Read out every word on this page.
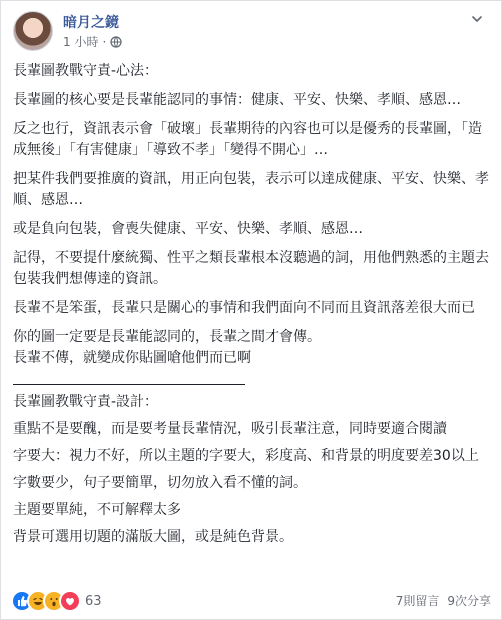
暗月之鏡
1 小時 ·

長輩圖教戰守責-心法：

長輩圖的核心要是長輩能認同的事情：健康、平安、快樂、孝順、感恩…

反之也行，資訊表示會「破壞」長輩期待的內容也可以是優秀的長輩圖，「造成無後」「有害健康」「導致不孝」「變得不開心」…

把某件我們要推廣的資訊，用正向包裝，表示可以達成健康、平安、快樂、孝順、感恩…

或是負向包裝，會喪失健康、平安、快樂、孝順、感恩…

記得，不要提什麼統獨、性平之類長輩根本沒聽過的詞，用他們熟悉的主題去包裝我們想傳達的資訊。

長輩不是笨蛋，長輩只是關心的事情和我們面向不同而且資訊落差很大而已

你的圖一定要是長輩能認同的，長輩之間才會傳。

長輩不傳，就變成你貼圖嗆他們而已啊

長輩圖教戰守責-設計：

重點不是要醜，而是要考量長輩情況，吸引長輩注意，同時要適合閱讀

字要大：視力不好，所以主題的字要大，彩度高、和背景的明度要差30以上

字數要少，句子要簡單，切勿放入看不懂的詞。

主題要單純，不可解釋太多

背景可選用切題的滿版大圖，或是純色背景。

63	7則留言 9次分享
